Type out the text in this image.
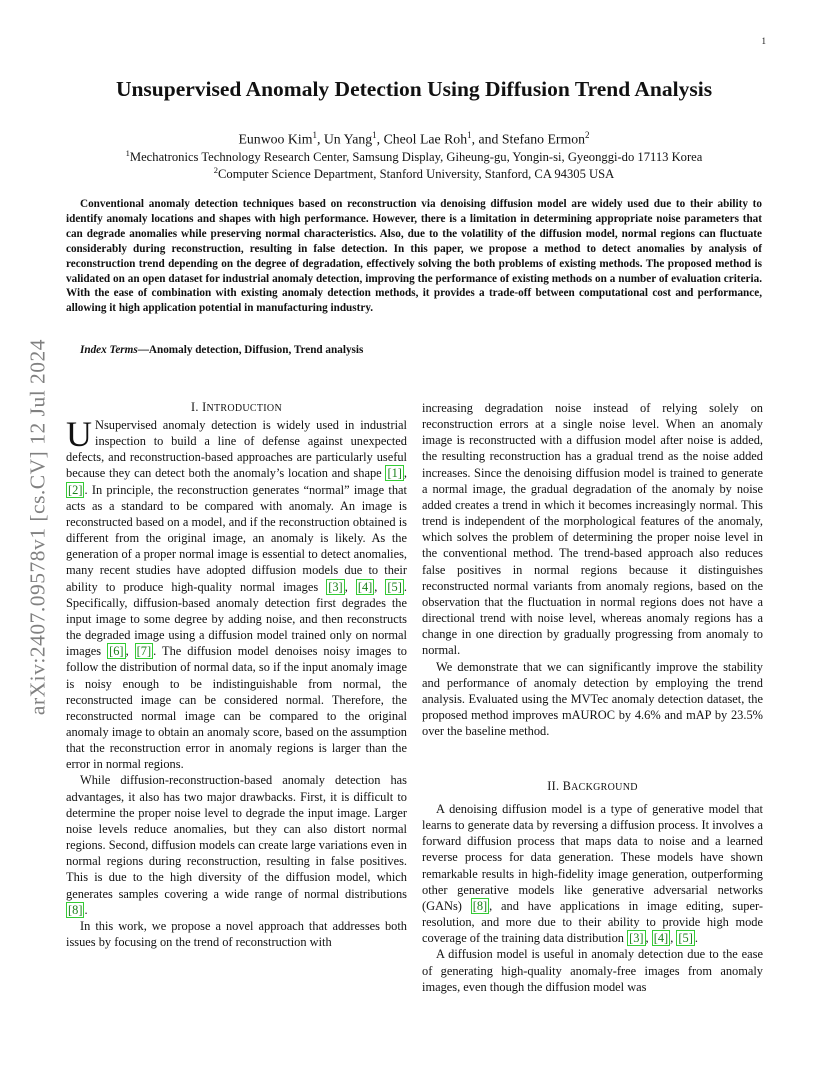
1
arXiv:2407.09578v1 [cs.CV] 12 Jul 2024
Unsupervised Anomaly Detection Using Diffusion Trend Analysis
Eunwoo Kim$^1$, Un Yang$^1$, Cheol Lae Roh$^1$, and Stefano Ermon$^2$
$^1$Mechatronics Technology Research Center, Samsung Display, Giheung-gu, Yongin-si, Gyeonggi-do 17113 Korea
$^2$Computer Science Department, Stanford University, Stanford, CA 94305 USA
Conventional anomaly detection techniques based on reconstruction via denoising diffusion model are widely used due to their ability to identify anomaly locations and shapes with high performance. However, there is a limitation in determining appropriate noise parameters that can degrade anomalies while preserving normal characteristics. Also, due to the volatility of the diffusion model, normal regions can fluctuate considerably during reconstruction, resulting in false detection. In this paper, we propose a method to detect anomalies by analysis of reconstruction trend depending on the degree of degradation, effectively solving the both problems of existing methods. The proposed method is validated on an open dataset for industrial anomaly detection, improving the performance of existing methods on a number of evaluation criteria. With the ease of combination with existing anomaly detection methods, it provides a trade-off between computational cost and performance, allowing it high application potential in manufacturing industry.
Index Terms—Anomaly detection, Diffusion, Trend analysis
I. INTRODUCTION

U Nsupervised anomaly detection is widely used in industrial inspection to build a line of defense against unexpected defects, and reconstruction-based approaches are particularly useful because they can detect both the anomaly’s location and shape [1] , [2] . In principle, the reconstruction generates “normal” image that acts as a standard to be compared with anomaly. An image is reconstructed based on a model, and if the reconstruction obtained is different from the original image, an anomaly is likely. As the generation of a proper normal image is essential to detect anomalies, many recent studies have adopted diffusion models due to their ability to produce high-quality normal images [3] , [4] , [5] . Specifically, diffusion-based anomaly detection first degrades the input image to some degree by adding noise, and then reconstructs the degraded image using a diffusion model trained only on normal images [6] , [7] . The diffusion model denoises noisy images to follow the distribution of normal data, so if the input anomaly image is noisy enough to be indistinguishable from normal, the reconstructed image can be considered normal. Therefore, the reconstructed normal image can be compared to the original anomaly image to obtain an anomaly score, based on the assumption that the reconstruction error in anomaly regions is larger than the error in normal regions.

While diffusion-reconstruction-based anomaly detection has advantages, it also has two major drawbacks. First, it is difficult to determine the proper noise level to degrade the input image. Larger noise levels reduce anomalies, but they can also distort normal regions. Second, diffusion models can create large variations even in normal regions during reconstruction, resulting in false positives. This is due to the high diversity of the diffusion model, which generates samples covering a wide range of normal distributions [8] .

In this work, we propose a novel approach that addresses both issues by focusing on the trend of reconstruction with

increasing degradation noise instead of relying solely on reconstruction errors at a single noise level. When an anomaly image is reconstructed with a diffusion model after noise is added, the resulting reconstruction has a gradual trend as the noise added increases. Since the denoising diffusion model is trained to generate a normal image, the gradual degradation of the anomaly by noise added creates a trend in which it becomes increasingly normal. This trend is independent of the morphological features of the anomaly, which solves the problem of determining the proper noise level in the conventional method. The trend-based approach also reduces false positives in normal regions because it distinguishes reconstructed normal variants from anomaly regions, based on the observation that the fluctuation in normal regions does not have a directional trend with noise level, whereas anomaly regions has a change in one direction by gradually progressing from anomaly to normal.

We demonstrate that we can significantly improve the stability and performance of anomaly detection by employing the trend analysis. Evaluated using the MVTec anomaly detection dataset, the proposed method improves mAUROC by 4.6% and mAP by 23.5% over the baseline method.

II. BACKGROUND

A denoising diffusion model is a type of generative model that learns to generate data by reversing a diffusion process. It involves a forward diffusion process that maps data to noise and a learned reverse process for data generation. These models have shown remarkable results in high-fidelity image generation, outperforming other generative models like generative adversarial networks (GANs) [8] , and have applications in image editing, super-resolution, and more due to their ability to provide high mode coverage of the training data distribution [3] , [4] , [5] .

A diffusion model is useful in anomaly detection due to the ease of generating high-quality anomaly-free images from anomaly images, even though the diffusion model was
